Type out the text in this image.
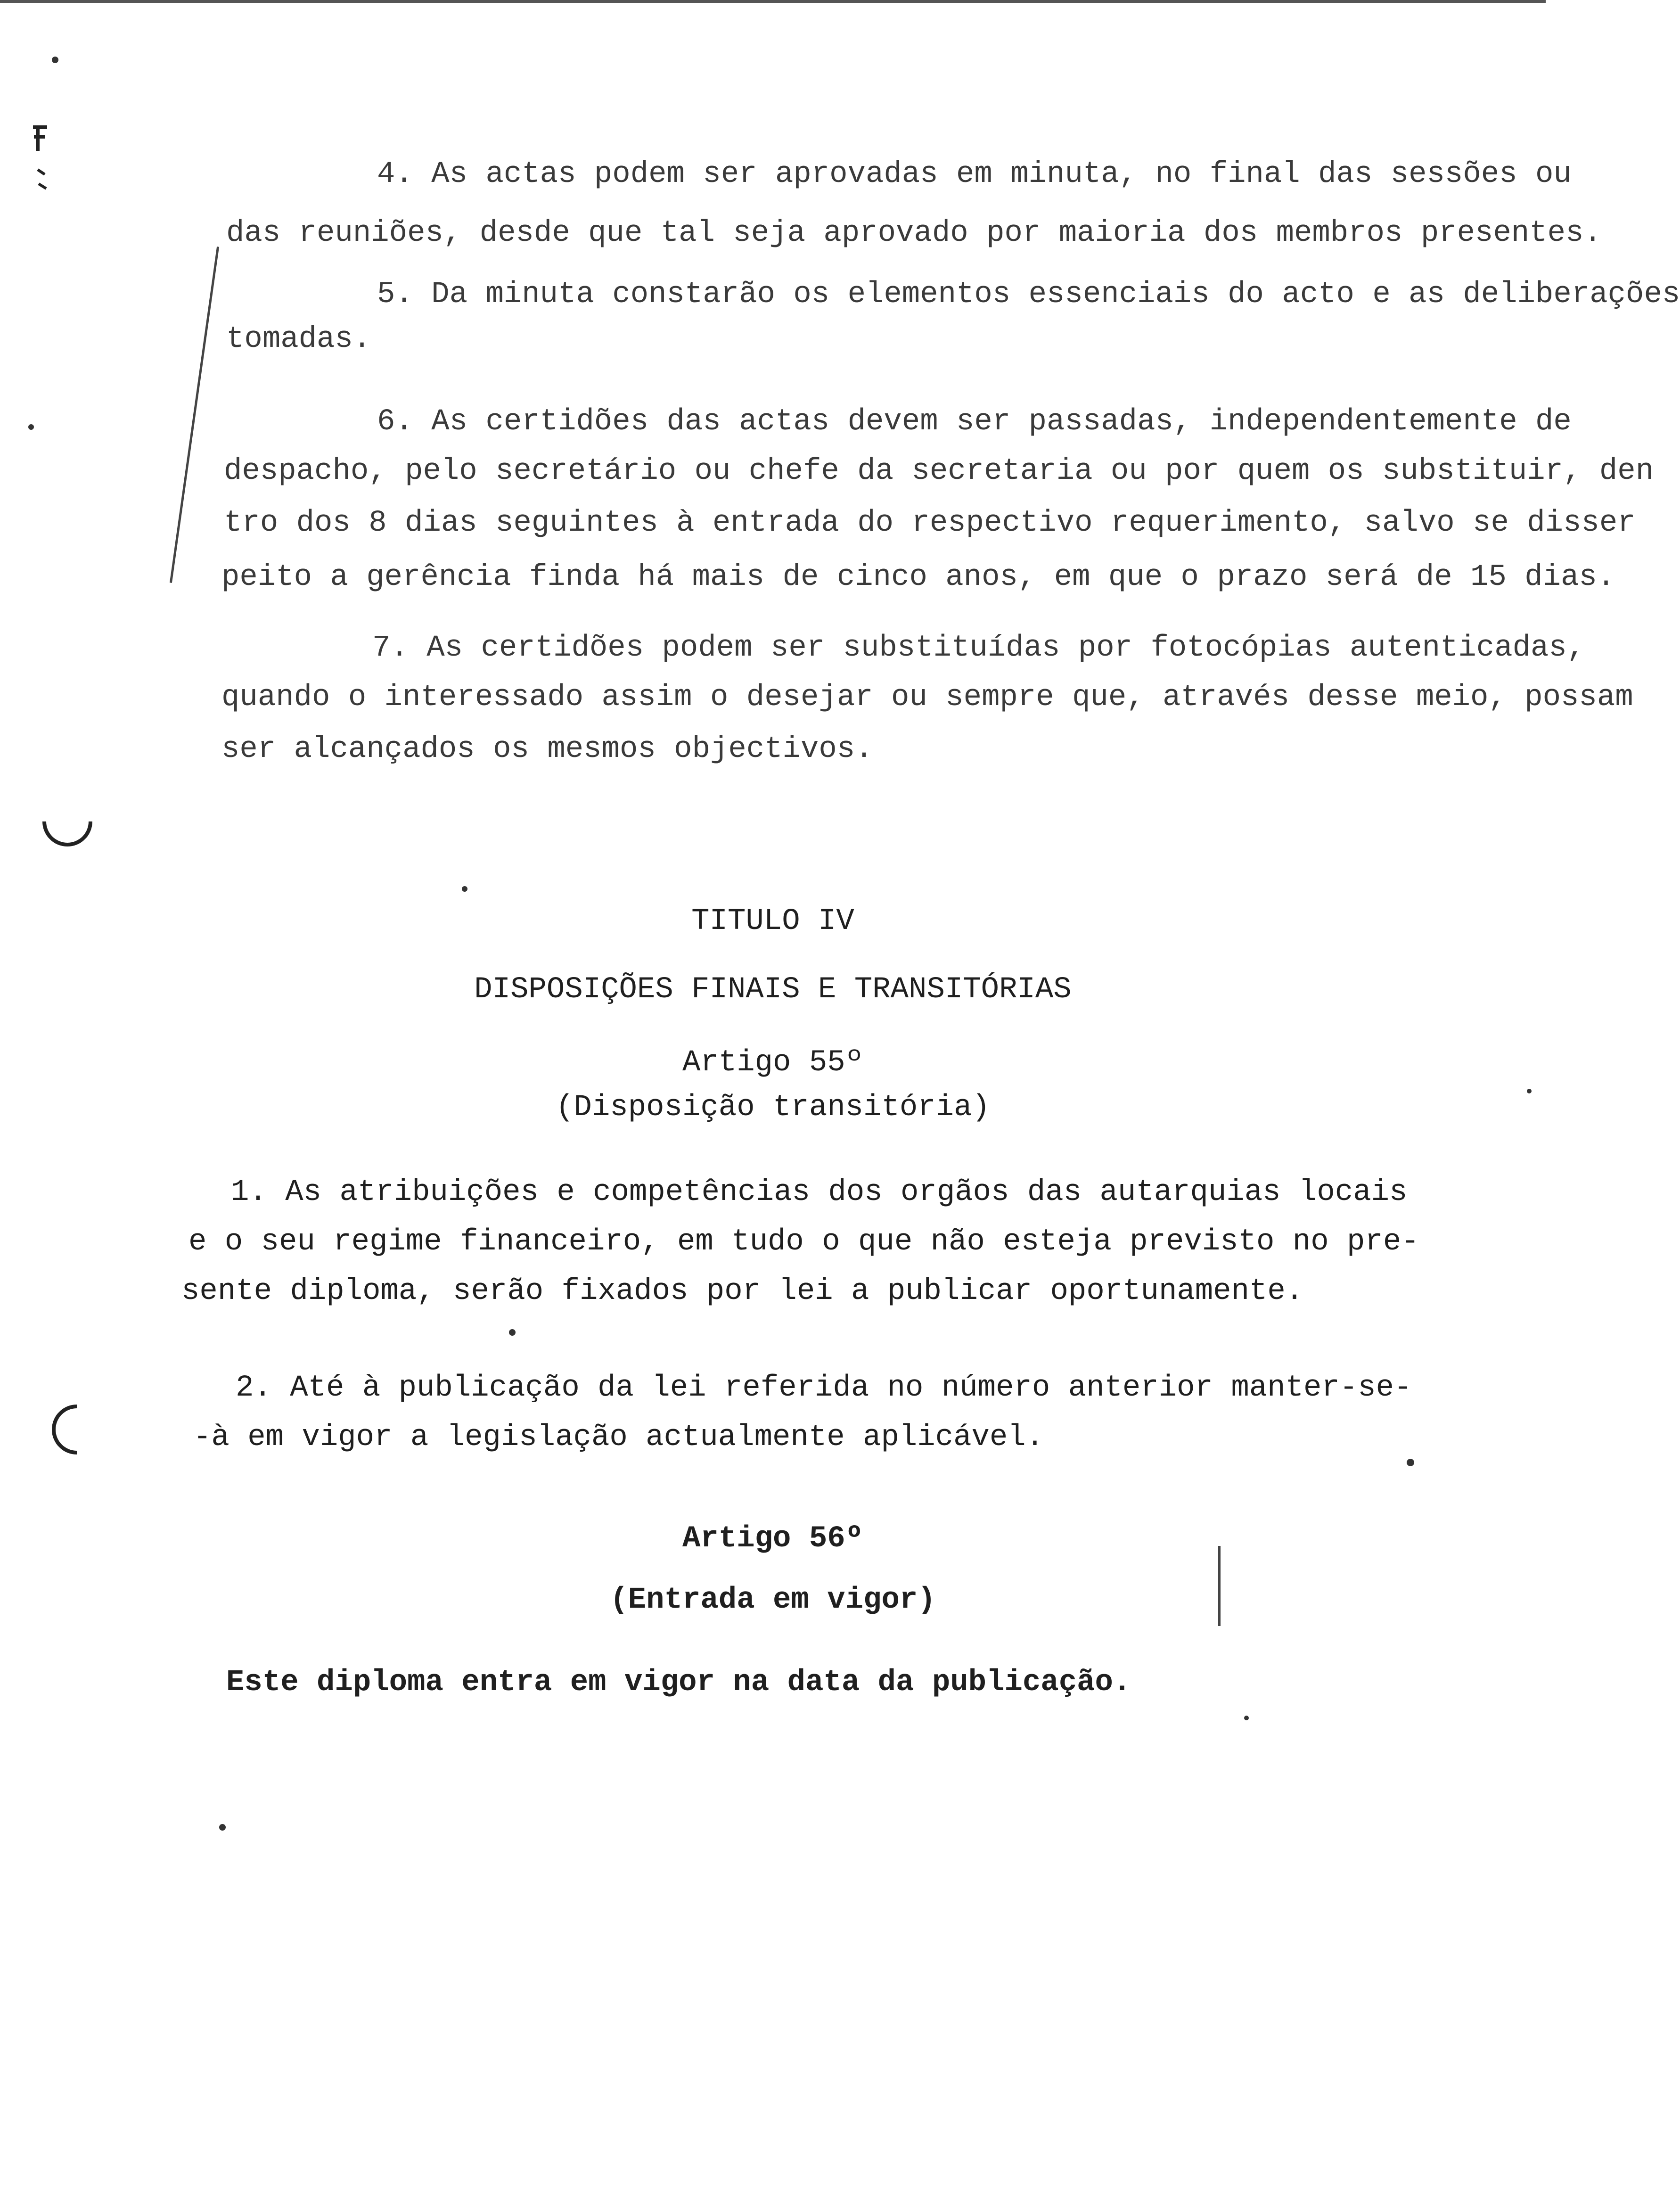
4. As actas podem ser aprovadas em minuta, no final das sessões ou
das reuniões, desde que tal seja aprovado por maioria dos membros presentes.
5. Da minuta constarão os elementos essenciais do acto e as deliberações
tomadas.
6. As certidões das actas devem ser passadas, independentemente de
despacho, pelo secretário ou chefe da secretaria ou por quem os substituir, den
tro dos 8 dias seguintes à entrada do respectivo requerimento, salvo se disser
peito a gerência finda há mais de cinco anos, em que o prazo será de 15 dias.
7. As certidões podem ser substituídas por fotocópias autenticadas,
quando o interessado assim o desejar ou sempre que, através desse meio, possam
ser alcançados os mesmos objectivos.
TITULO IV
DISPOSIÇÕES FINAIS E TRANSITÓRIAS
Artigo 55º
(Disposição transitória)
1. As atribuições e competências dos orgãos das autarquias locais
e o seu regime financeiro, em tudo o que não esteja previsto no pre-
sente diploma, serão fixados por lei a publicar oportunamente.
2. Até à publicação da lei referida no número anterior manter-se-
-à em vigor a legislação actualmente aplicável.
Artigo 56º
(Entrada em vigor)
Este diploma entra em vigor na data da publicação.
